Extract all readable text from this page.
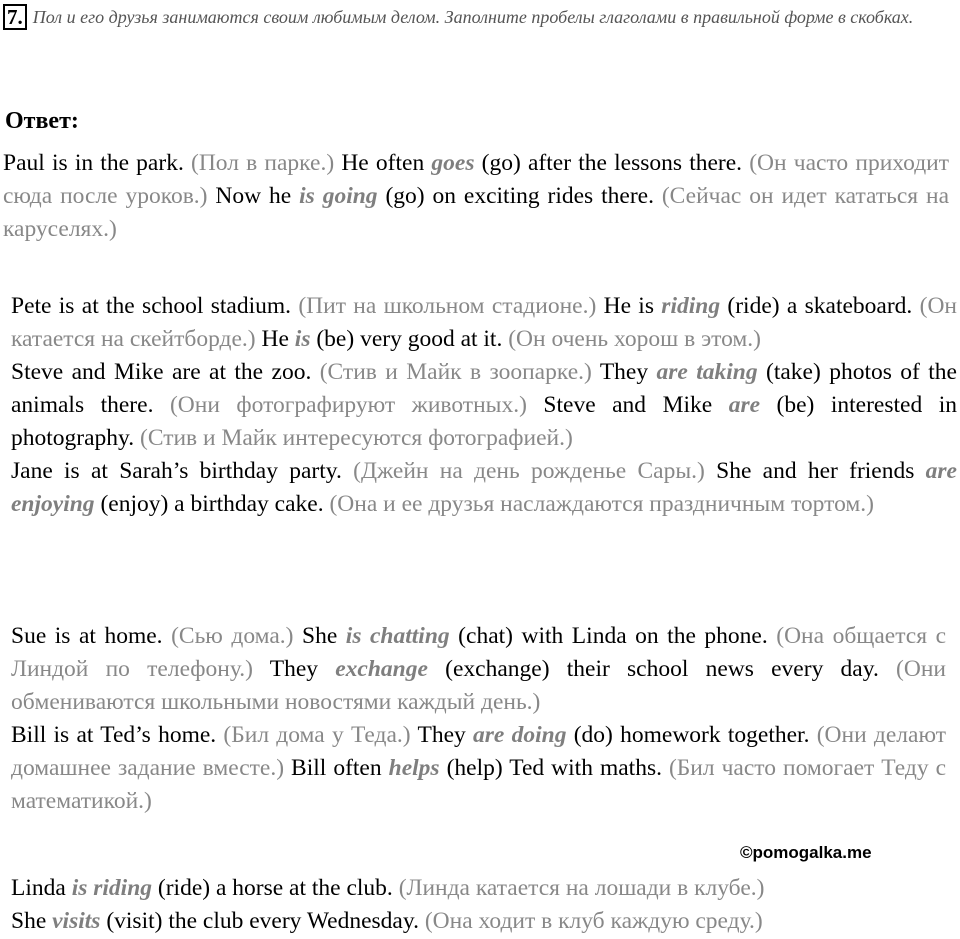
7. Пол и его друзья занимаются своим любимым делом. Заполните пробелы глаголами в правильной форме в скобках.
Ответ:
Paul is in the park. (Пол в парке.) He often goes (go) after the lessons there. (Он часто приходит сюда после уроков.) Now he is going (go) on exciting rides there. (Сейчас он идет кататься на каруселях.)
Pete is at the school stadium. (Пит на школьном стадионе.) He is riding (ride) a skateboard. (Он катается на скейтборде.) He is (be) very good at it. (Он очень хорош в этом.)
Steve and Mike are at the zoo. (Стив и Майк в зоопарке.) They are taking (take) photos of the animals there. (Они фотографируют животных.) Steve and Mike are (be) interested in photography. (Стив и Майк интересуются фотографией.)
Jane is at Sarah’s birthday party. (Джейн на день рожденье Сары.) She and her friends are enjoying (enjoy) a birthday cake. (Она и ее друзья наслаждаются праздничным тортом.)
Sue is at home. (Сью дома.) She is chatting (chat) with Linda on the phone. (Она общается с Линдой по телефону.) They exchange (exchange) their school news every day. (Они обмениваются школьными новостями каждый день.)
Bill is at Ted’s home. (Бил дома у Теда.) They are doing (do) homework together. (Они делают домашнее задание вместе.) Bill often helps (help) Ted with maths. (Бил часто помогает Теду с математикой.)
Linda is riding (ride) a horse at the club. (Линда катается на лошади в клубе.)
She visits (visit) the club every Wednesday. (Она ходит в клуб каждую среду.)
©pomogalka.me
